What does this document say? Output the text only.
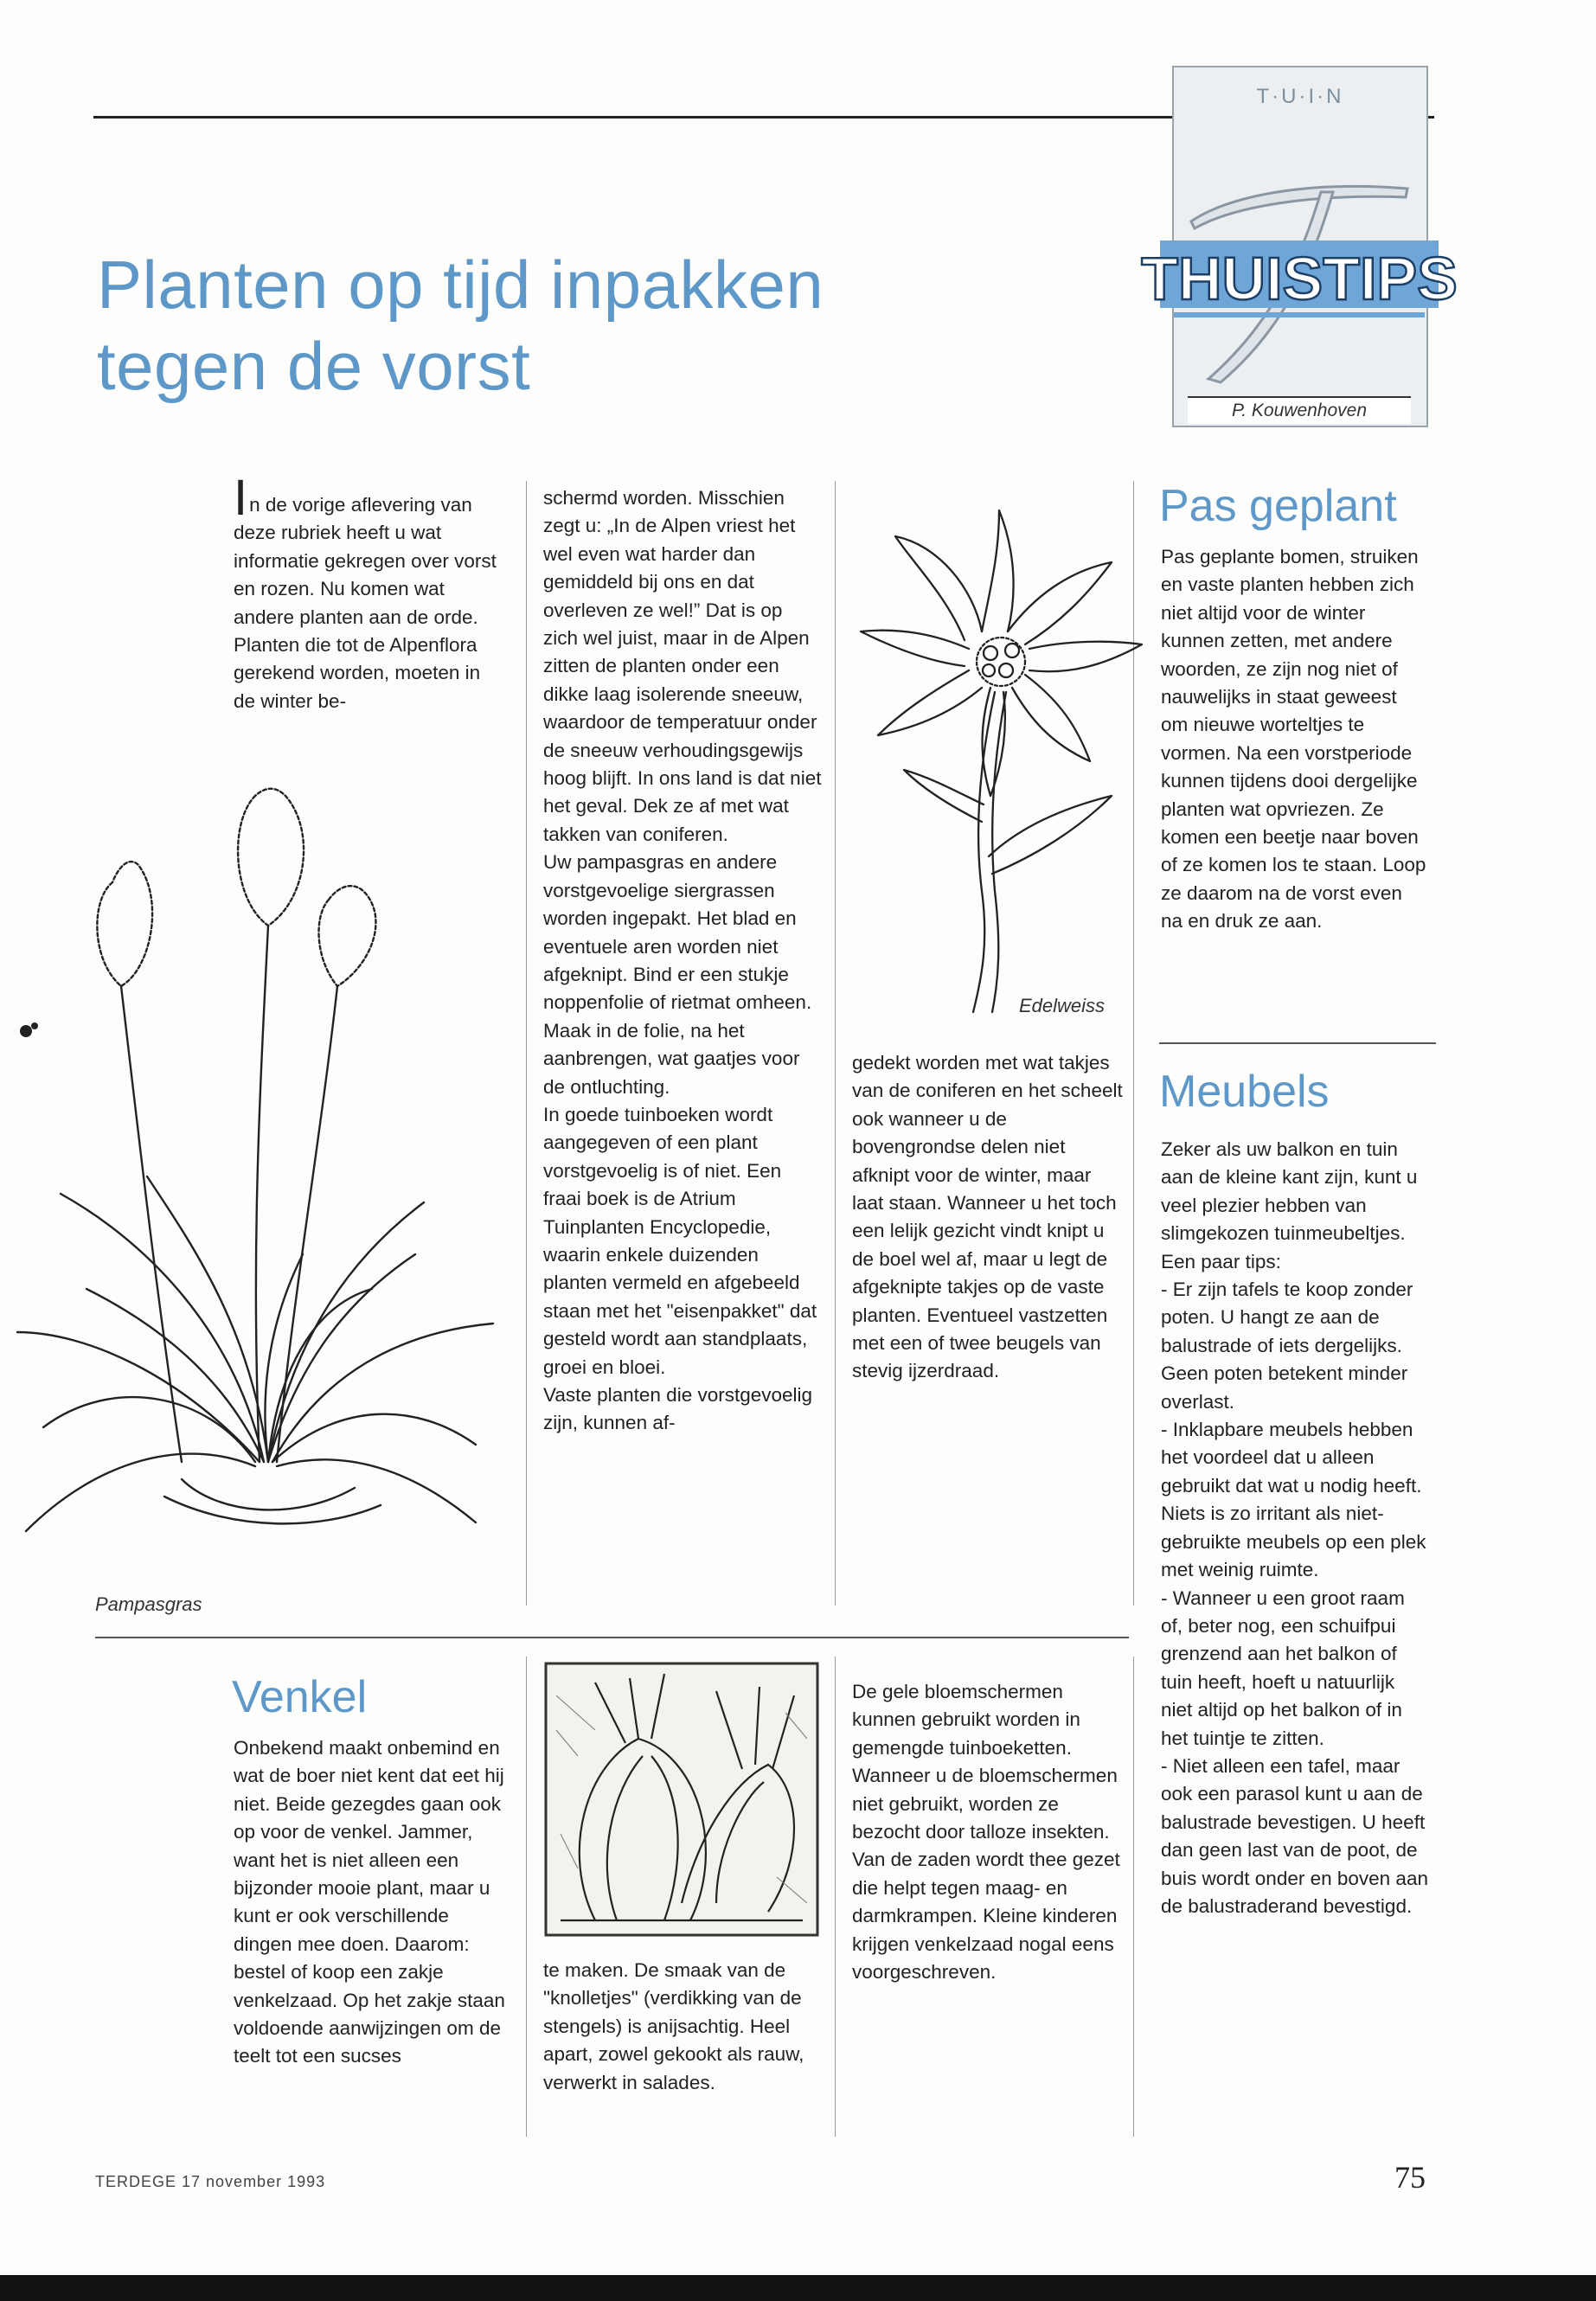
T·U·I·N
THUISTIPS
P. Kouwenhoven
Planten op tijd inpakken
tegen de vorst

In de vorige aflevering van deze rubriek heeft u wat informatie gekregen over vorst en rozen. Nu komen wat andere planten aan de orde. Planten die tot de Alpenflora gerekend worden, moeten in de winter be-

Pampasgras

schermd worden. Misschien zegt u: „In de Alpen vriest het wel even wat harder dan gemiddeld bij ons en dat overleven ze wel!” Dat is op zich wel juist, maar in de Alpen zitten de planten onder een dikke laag isolerende sneeuw, waardoor de temperatuur onder de sneeuw verhoudingsgewijs hoog blijft. In ons land is dat niet het geval. Dek ze af met wat takken van coniferen.

Uw pampasgras en andere vorstgevoelige siergrassen worden ingepakt. Het blad en eventuele aren worden niet afgeknipt. Bind er een stukje noppenfolie of rietmat omheen. Maak in de folie, na het aanbrengen, wat gaatjes voor de ontluchting.

In goede tuinboeken wordt aangegeven of een plant vorstgevoelig is of niet. Een fraai boek is de Atrium Tuinplanten Encyclopedie, waarin enkele duizenden planten vermeld en afgebeeld staan met het "eisenpakket" dat gesteld wordt aan standplaats, groei en bloei.

Vaste planten die vorstgevoelig zijn, kunnen af-

Edelweiss

gedekt worden met wat takjes van de coniferen en het scheelt ook wanneer u de bovengrondse delen niet afknipt voor de winter, maar laat staan. Wanneer u het toch een lelijk gezicht vindt knipt u de boel wel af, maar u legt de afgeknipte takjes op de vaste planten. Eventueel vastzetten met een of twee beugels van stevig ijzerdraad.

Pas geplant

Pas geplante bomen, struiken en vaste planten hebben zich niet altijd voor de winter kunnen zetten, met andere woorden, ze zijn nog niet of nauwelijks in staat geweest om nieuwe worteltjes te vormen. Na een vorstperiode kunnen tijdens dooi dergelijke planten wat opvriezen. Ze komen een beetje naar boven of ze komen los te staan. Loop ze daarom na de vorst even na en druk ze aan.

Meubels

Zeker als uw balkon en tuin aan de kleine kant zijn, kunt u veel plezier hebben van slimgekozen tuinmeubeltjes. Een paar tips:

- Er zijn tafels te koop zonder poten. U hangt ze aan de balustrade of iets dergelijks. Geen poten betekent minder overlast.

- Inklapbare meubels hebben het voordeel dat u alleen gebruikt dat wat u nodig heeft. Niets is zo irritant als niet-gebruikte meubels op een plek met weinig ruimte.

- Wanneer u een groot raam of, beter nog, een schuifpui grenzend aan het balkon of tuin heeft, hoeft u natuurlijk niet altijd op het balkon of in het tuintje te zitten.

- Niet alleen een tafel, maar ook een parasol kunt u aan de balustrade bevestigen. U heeft dan geen last van de poot, de buis wordt onder en boven aan de balustraderand bevestigd.

Venkel

Onbekend maakt onbemind en wat de boer niet kent dat eet hij niet. Beide gezegdes gaan ook op voor de venkel. Jammer, want het is niet alleen een bijzonder mooie plant, maar u kunt er ook verschillende dingen mee doen. Daarom: bestel of koop een zakje venkelzaad. Op het zakje staan voldoende aanwijzingen om de teelt tot een sucses

te maken. De smaak van de "knolletjes" (verdikking van de stengels) is anijsachtig. Heel apart, zowel gekookt als rauw, verwerkt in salades.

De gele bloemschermen kunnen gebruikt worden in gemengde tuinboeketten. Wanneer u de bloemschermen niet gebruikt, worden ze bezocht door talloze insekten. Van de zaden wordt thee gezet die helpt tegen maag- en darmkrampen. Kleine kinderen krijgen venkelzaad nogal eens voorgeschreven.

TERDEGE 17 november 1993	75
